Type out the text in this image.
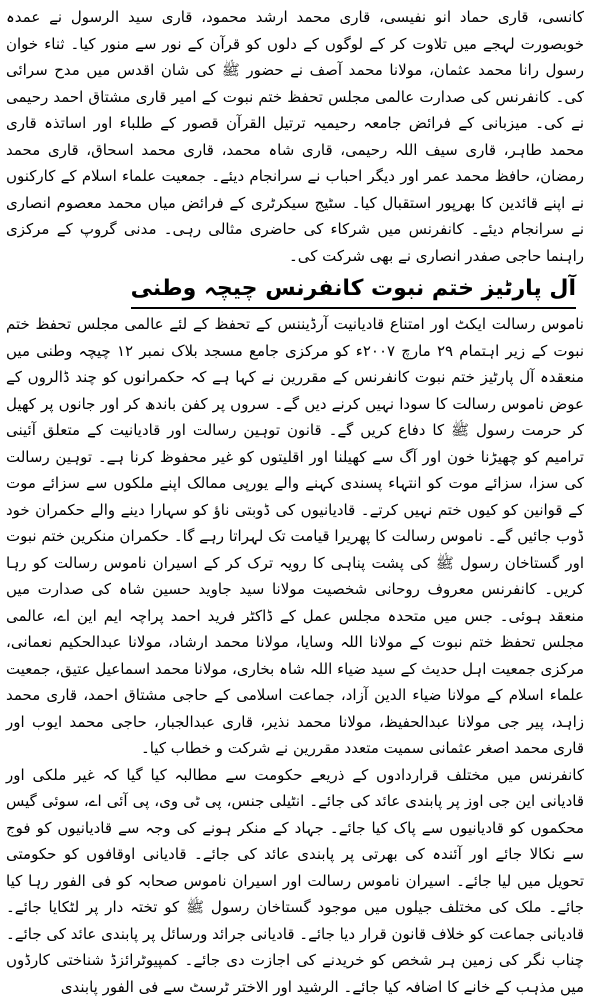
کانسی، قاری حماد انو نفیسی، قاری محمد ارشد محمود، قاری سید الرسول نے عمدہ خوبصورت لہجے میں تلاوت کر کے لوگوں کے دلوں کو قرآن کے نور سے منور کیا۔ ثناء خوان رسول رانا محمد عثمان، مولانا محمد آصف نے حضور ﷺ کی شان اقدس میں مدح سرائی کی۔ کانفرنس کی صدارت عالمی مجلس تحفظ ختم نبوت کے امیر قاری مشتاق احمد رحیمی نے کی۔ میزبانی کے فرائض جامعہ رحیمیہ ترتیل القرآن قصور کے طلباء اور اساتذہ قاری محمد طاہر، قاری سیف اللہ رحیمی، قاری شاہ محمد، قاری محمد اسحاق، قاری محمد رمضان، حافظ محمد عمر اور دیگر احباب نے سرانجام دیئے۔ جمعیت علماء اسلام کے کارکنوں نے اپنے قائدین کا بھرپور استقبال کیا۔ سٹیج سیکرٹری کے فرائض میاں محمد معصوم انصاری نے سرانجام دیئے۔ کانفرنس میں شرکاء کی حاضری مثالی رہی۔ مدنی گروپ کے مرکزی راہنما حاجی صفدر انصاری نے بھی شرکت کی۔

آل پارٹیز ختم نبوت کانفرنس چیچہ وطنی

ناموس رسالت ایکٹ اور امتناع قادیانیت آرڈیننس کے تحفظ کے لئے عالمی مجلس تحفظ ختم نبوت کے زیر اہتمام ۲۹ مارچ ۲۰۰۷ء کو مرکزی جامع مسجد بلاک نمبر ۱۲ چیچہ وطنی میں منعقدہ آل پارٹیز ختم نبوت کانفرنس کے مقررین نے کہا ہے کہ حکمرانوں کو چند ڈالروں کے عوض ناموس رسالت کا سودا نہیں کرنے دیں گے۔ سروں پر کفن باندھ کر اور جانوں پر کھیل کر حرمت رسول ﷺ کا دفاع کریں گے۔ قانون توہین رسالت اور قادیانیت کے متعلق آئینی ترامیم کو چھیڑنا خون اور آگ سے کھیلنا اور اقلیتوں کو غیر محفوظ کرنا ہے۔ توہین رسالت کی سزا، سزائے موت کو انتہاء پسندی کہنے والے یورپی ممالک اپنے ملکوں سے سزائے موت کے قوانین کو کیوں ختم نہیں کرتے۔ قادیانیوں کی ڈوبتی ناؤ کو سہارا دینے والے حکمران خود ڈوب جائیں گے۔ ناموس رسالت کا پھریرا قیامت تک لہراتا رہے گا۔ حکمران منکرین ختم نبوت اور گستاخان رسول ﷺ کی پشت پناہی کا رویہ ترک کر کے اسیران ناموس رسالت کو رہا کریں۔ کانفرنس معروف روحانی شخصیت مولانا سید جاوید حسین شاہ کی صدارت میں منعقد ہوئی۔ جس میں متحدہ مجلس عمل کے ڈاکٹر فرید احمد پراچہ ایم این اے، عالمی مجلس تحفظ ختم نبوت کے مولانا اللہ وسایا، مولانا محمد ارشاد، مولانا عبدالحکیم نعمانی، مرکزی جمعیت اہل حدیث کے سید ضیاء اللہ شاہ بخاری، مولانا محمد اسماعیل عتیق، جمعیت علماء اسلام کے مولانا ضیاء الدین آزاد، جماعت اسلامی کے حاجی مشتاق احمد، قاری محمد زاہد، پیر جی مولانا عبدالحفیظ، مولانا محمد نذیر، قاری عبدالجبار، حاجی محمد ایوب اور قاری محمد اصغر عثمانی سمیت متعدد مقررین نے شرکت و خطاب کیا۔

کانفرنس میں مختلف قراردادوں کے ذریعے حکومت سے مطالبہ کیا گیا کہ غیر ملکی اور قادیانی این جی اوز پر پابندی عائد کی جائے۔ انٹیلی جنس، پی ٹی وی، پی آئی اے، سوئی گیس محکموں کو قادیانیوں سے پاک کیا جائے۔ جہاد کے منکر ہونے کی وجہ سے قادیانیوں کو فوج سے نکالا جائے اور آئندہ کی بھرتی پر پابندی عائد کی جائے۔ قادیانی اوقافوں کو حکومتی تحویل میں لیا جائے۔ اسیران ناموس رسالت اور اسیران ناموس صحابہ کو فی الفور رہا کیا جائے۔ ملک کی مختلف جیلوں میں موجود گستاخان رسول ﷺ کو تختہ دار پر لٹکایا جائے۔ قادیانی جماعت کو خلاف قانون قرار دیا جائے۔ قادیانی جرائد ورسائل پر پابندی عائد کی جائے۔ چناب نگر کی زمین ہر شخص کو خریدنے کی اجازت دی جائے۔ کمپیوٹرائزڈ شناختی کارڈوں میں مذہب کے خانے کا اضافہ کیا جائے۔ الرشید اور الاختر ٹرسٹ سے فی الفور پابندی
